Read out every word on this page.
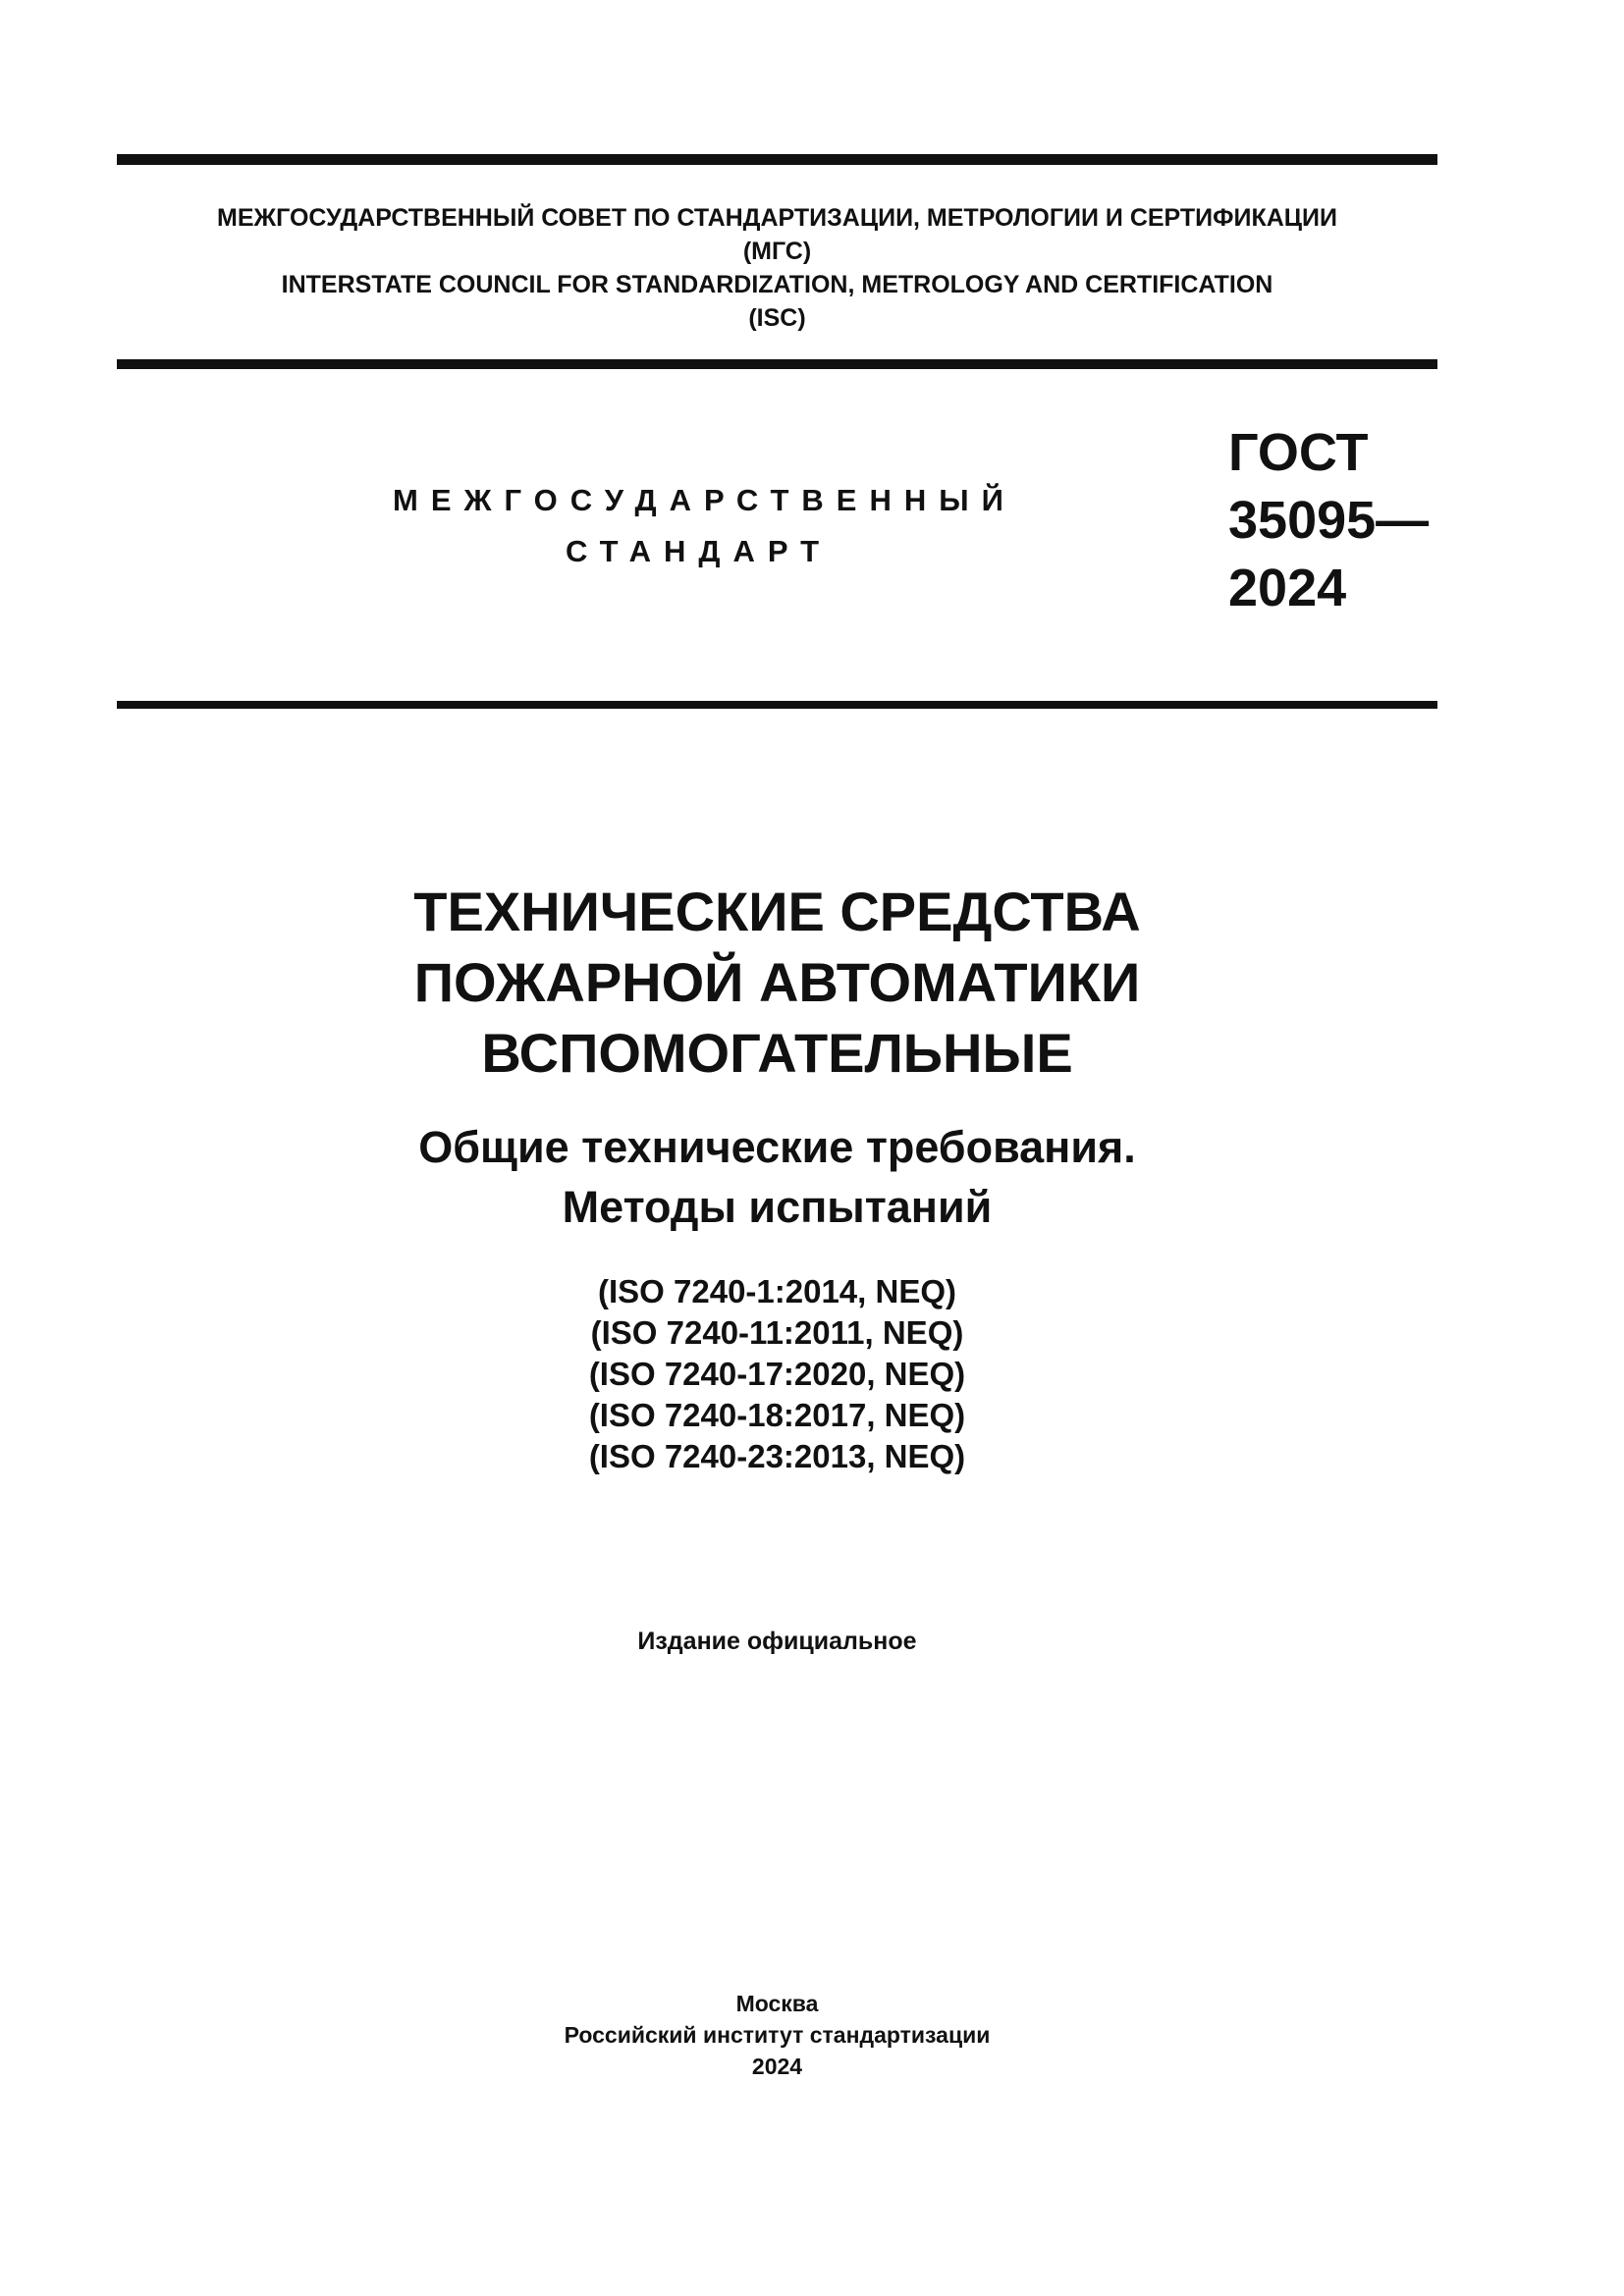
МЕЖГОСУДАРСТВЕННЫЙ СОВЕТ ПО СТАНДАРТИЗАЦИИ, МЕТРОЛОГИИ И СЕРТИФИКАЦИИ
(МГС)
INTERSTATE COUNCIL FOR STANDARDIZATION, METROLOGY AND CERTIFICATION
(ISC)
МЕЖГОСУДАРСТВЕННЫЙ
СТАНДАРТ
ГОСТ
35095—
2024
ТЕХНИЧЕСКИЕ СРЕДСТВА
ПОЖАРНОЙ АВТОМАТИКИ
ВСПОМОГАТЕЛЬНЫЕ
Общие технические требования.
Методы испытаний
(ISO 7240-1:2014, NEQ)
(ISO 7240-11:2011, NEQ)
(ISO 7240-17:2020, NEQ)
(ISO 7240-18:2017, NEQ)
(ISO 7240-23:2013, NEQ)
Издание официальное
Москва
Российский институт стандартизации
2024
